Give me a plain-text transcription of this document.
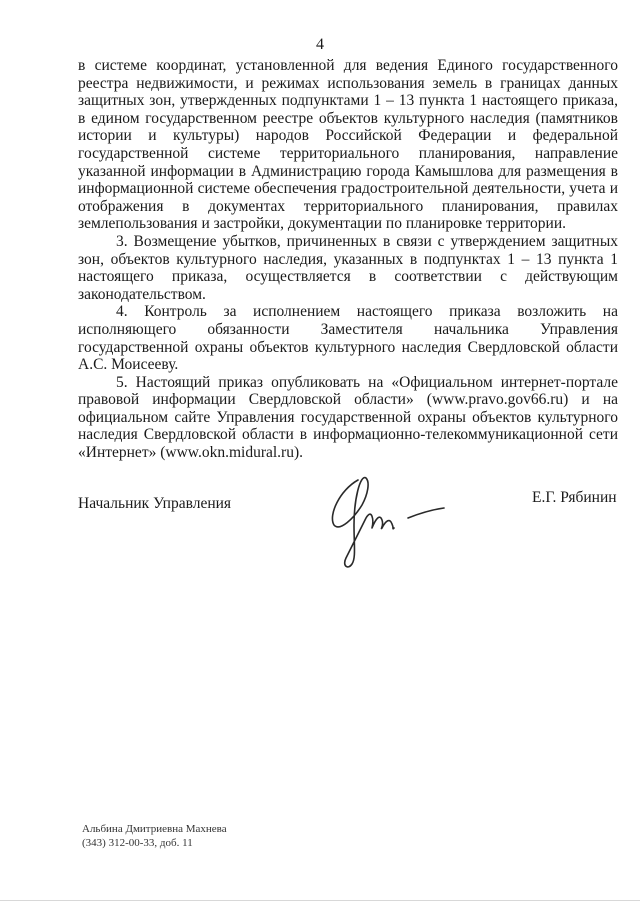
4

в системе координат, установленной для ведения Единого государственного реестра недвижимости, и режимах использования земель в границах данных защитных зон, утвержденных подпунктами 1 – 13 пункта 1 настоящего приказа, в едином государственном реестре объектов культурного наследия (памятников истории и культуры) народов Российской Федерации и федеральной государственной системе территориального планирования, направление указанной информации в Администрацию города Камышлова для размещения в информационной системе обеспечения градостроительной деятельности, учета и отображения в документах территориального планирования, правилах землепользования и застройки, документации по планировке территории.

3. Возмещение убытков, причиненных в связи с утверждением защитных зон, объектов культурного наследия, указанных в подпунктах 1 – 13 пункта 1 настоящего приказа, осуществляется в соответствии с действующим законодательством.

4. Контроль за исполнением настоящего приказа возложить на исполняющего обязанности Заместителя начальника Управления государственной охраны объектов культурного наследия Свердловской области А.С. Моисееву.

5. Настоящий приказ опубликовать на «Официальном интернет-портале правовой информации Свердловской области» (www.pravo.gov66.ru) и на официальном сайте Управления государственной охраны объектов культурного наследия Свердловской области в информационно-телекоммуникационной сети «Интернет» (www.okn.midural.ru).

Начальник Управления	Е.Г. Рябинин
Альбина Дмитриевна Махнева
(343) 312-00-33, доб. 11
